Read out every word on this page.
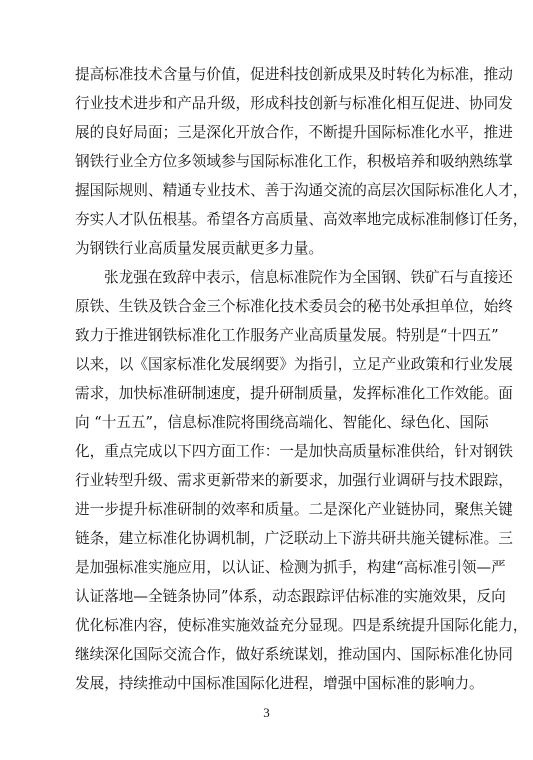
提高标准技术含量与价值，促进科技创新成果及时转化为标准，推动
行业技术进步和产品升级，形成科技创新与标准化相互促进、协同发
展的良好局面；三是深化开放合作，不断提升国际标准化水平，推进
钢铁行业全方位多领域参与国际标准化工作，积极培养和吸纳熟练掌
握国际规则、精通专业技术、善于沟通交流的高层次国际标准化人才，
夯实人才队伍根基。希望各方高质量、高效率地完成标准制修订任务，
为钢铁行业高质量发展贡献更多力量。
张龙强在致辞中表示，信息标准院作为全国钢、铁矿石与直接还
原铁、生铁及铁合金三个标准化技术委员会的秘书处承担单位，始终
致力于推进钢铁标准化工作服务产业高质量发展。特别是“十四五”
以来，以《国家标准化发展纲要》为指引，立足产业政策和行业发展
需求，加快标准研制速度，提升研制质量，发挥标准化工作效能。面
向 “十五五”，信息标准院将围绕高端化、智能化、绿色化、国际
化，重点完成以下四方面工作：一是加快高质量标准供给，针对钢铁
行业转型升级、需求更新带来的新要求，加强行业调研与技术跟踪，
进一步提升标准研制的效率和质量。二是深化产业链协同，聚焦关键
链条，建立标准化协调机制，广泛联动上下游共研共施关键标准。三
是加强标准实施应用，以认证、检测为抓手，构建“高标准引领—严
认证落地—全链条协同”体系，动态跟踪评估标准的实施效果，反向
优化标准内容，使标准实施效益充分显现。四是系统提升国际化能力，
继续深化国际交流合作，做好系统谋划，推动国内、国际标准化协同
发展，持续推动中国标准国际化进程，增强中国标准的影响力。
3
